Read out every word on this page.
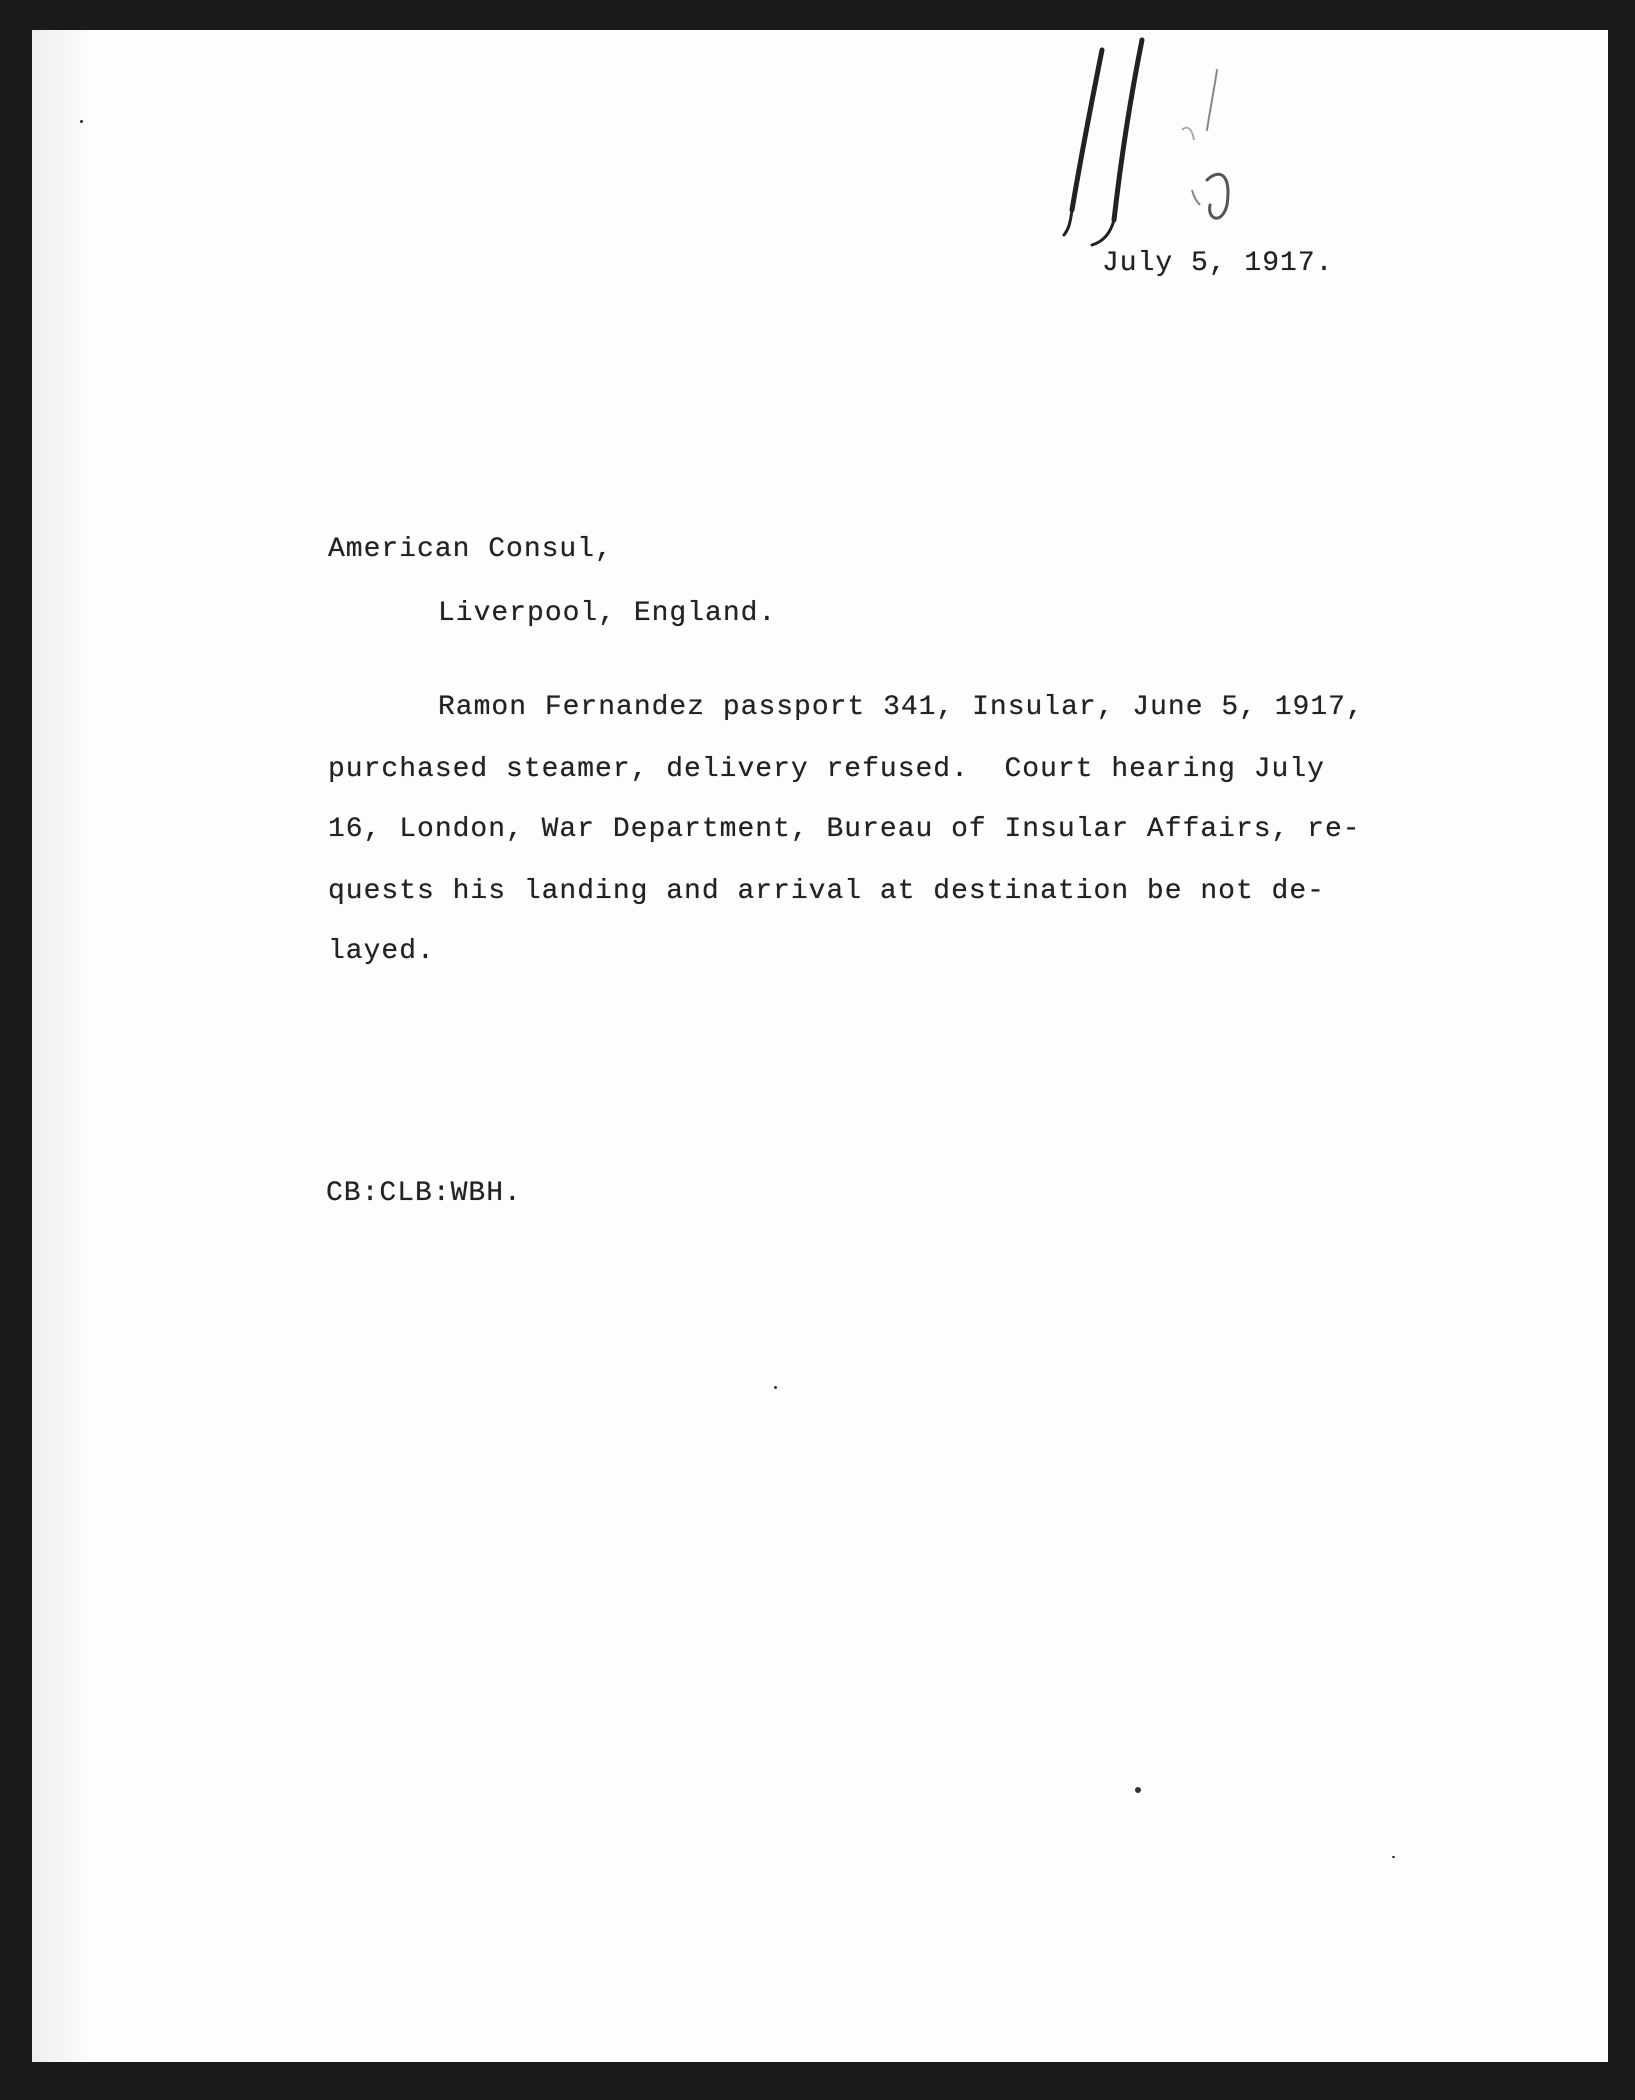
July 5, 1917.
American Consul,
Liverpool, England.
Ramon Fernandez passport 341, Insular, June 5, 1917,
purchased steamer, delivery refused.  Court hearing July
16, London, War Department, Bureau of Insular Affairs, re-
quests his landing and arrival at destination be not de-
layed.
CB:CLB:WBH.
